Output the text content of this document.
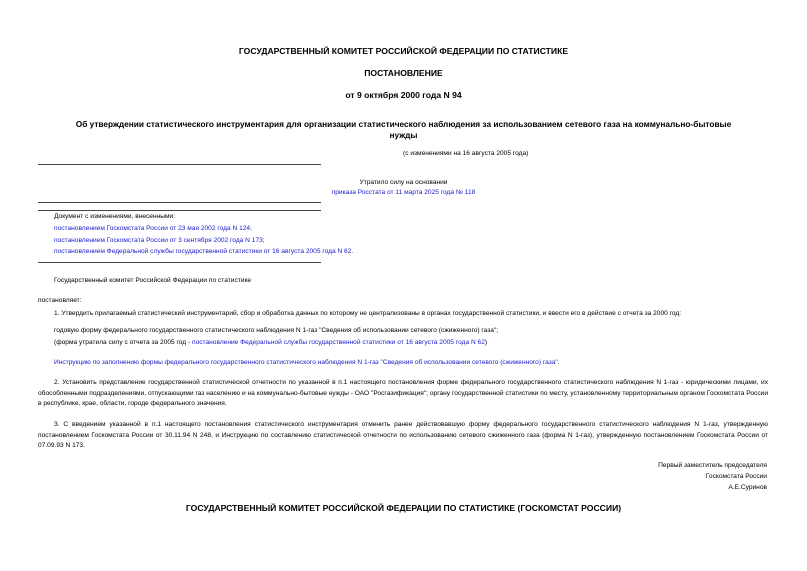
ГОСУДАРСТВЕННЫЙ КОМИТЕТ РОССИЙСКОЙ ФЕДЕРАЦИИ ПО СТАТИСТИКЕ
ПОСТАНОВЛЕНИЕ
от 9 октября 2000 года N 94
Об утверждении статистического инструментария для организации статистического наблюдения за использованием сетевого газа на коммунально-бытовые
нужды
(с изменениями на 16 августа 2005 года)
Утратило силу на основании
приказа Росстата от 11 марта 2025 года № 118
Документ с изменениями, внесенными:
постановлением Госкомстата России от 23 мая 2002 года N 124;
постановлением Госкомстата России от 3 сентября 2002 года N 173;
постановлением Федеральной службы государственной статистики от 16 августа 2005 года N 62.
Государственный комитет Российской Федерации по статистике
постановляет:
1. Утвердить прилагаемый статистический инструментарий, сбор и обработка данных по которому не централизованы в органах государственной статистики, и ввести его в действие с отчета за 2000 год:
годовую форму федерального государственного статистического наблюдения N 1-газ "Сведения об использовании сетевого (сжиженного) газа";
(форма утратила силу с отчета за 2005 год - постановление Федеральной службы государственной статистики от 16 августа 2005 года N 62)
Инструкцию по заполнению формы федерального государственного статистического наблюдения N 1-газ "Сведения об использовании сетевого (сжиженного) газа".
2. Установить представление государственной статистической отчетности по указанной в п.1 настоящего постановления форме федерального государственного статистического наблюдения N 1-газ - юридическими лицами, их обособленными подразделениями, отпускающими газ населению и на коммунально-бытовые нужды - ОАО "Росгазификация"; органу государственной статистики по месту, установленному территориальным органом Госкомстата России в республике, крае, области, городе федерального значения.
3. С введением указанной в п.1 настоящего постановления статистического инструментария отменить ранее действовавшую форму федерального государственного статистического наблюдения N 1-газ, утвержденную постановлением Госкомстата России от 30.11.94 N 248, и Инструкцию по составлению статистической отчетности по использованию сетевого сжиженного газа (форма N 1-газ), утвержденную постановлением Госкомстата России от 07.09.93 N 173.
Первый заместитель председателя
Госкомстата России
А.Е.Суринов
ГОСУДАРСТВЕННЫЙ КОМИТЕТ РОССИЙСКОЙ ФЕДЕРАЦИИ ПО СТАТИСТИКЕ (ГОСКОМСТАТ РОССИИ)
